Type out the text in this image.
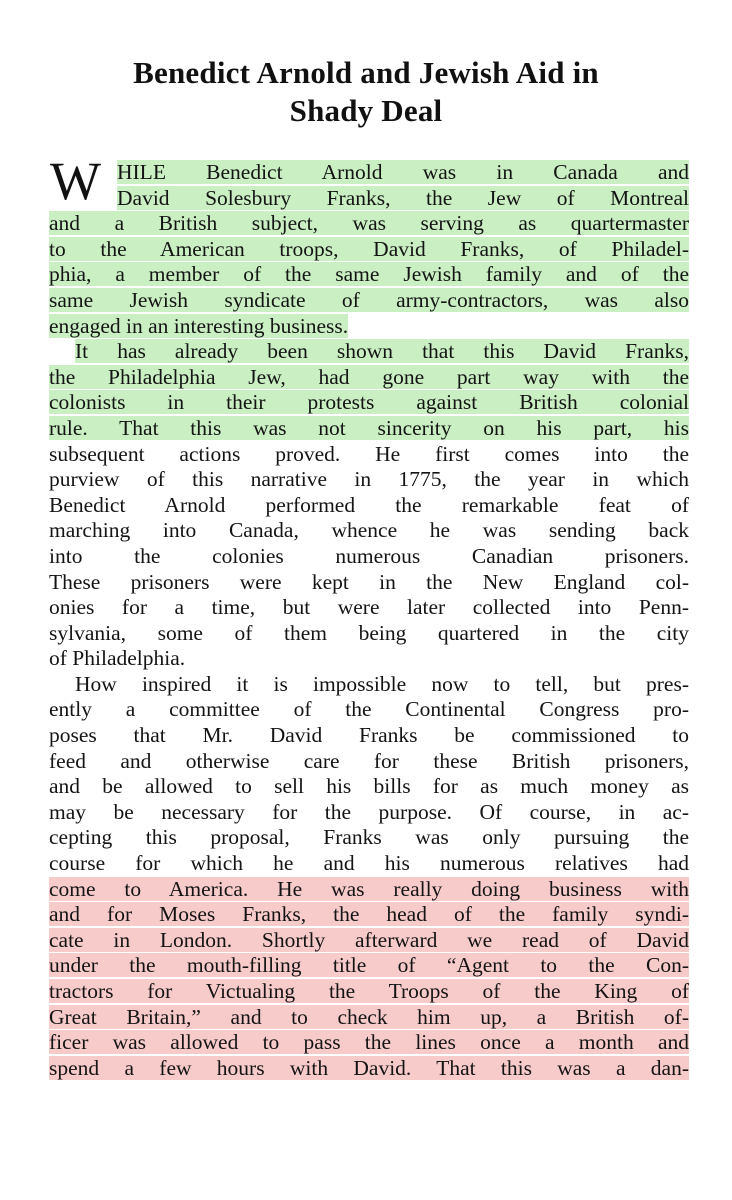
Benedict Arnold and Jewish Aid in
Shady Deal
W HILE Benedict Arnold was in Canada and
David Solesbury Franks, the Jew of Montreal
and a British subject, was serving as quartermaster
to the American troops, David Franks, of Philadel-
phia, a member of the same Jewish family and of the
same Jewish syndicate of army-contractors, was also
engaged in an interesting business.
It has already been shown that this David Franks,
the Philadelphia Jew, had gone part way with the
colonists in their protests against British colonial
rule. That this was not sincerity on his part, his
subsequent actions proved. He first comes into the
purview of this narrative in 1775, the year in which
Benedict Arnold performed the remarkable feat of
marching into Canada, whence he was sending back
into the colonies numerous Canadian prisoners.
These prisoners were kept in the New England col-
onies for a time, but were later collected into Penn-
sylvania, some of them being quartered in the city
of Philadelphia.
How inspired it is impossible now to tell, but pres-
ently a committee of the Continental Congress pro-
poses that Mr. David Franks be commissioned to
feed and otherwise care for these British prisoners,
and be allowed to sell his bills for as much money as
may be necessary for the purpose. Of course, in ac-
cepting this proposal, Franks was only pursuing the
course for which he and his numerous relatives had
come to America. He was really doing business with
and for Moses Franks, the head of the family syndi-
cate in London. Shortly afterward we read of David
under the mouth-filling title of “Agent to the Con-
tractors for Victualing the Troops of the King of
Great Britain,” and to check him up, a British of-
ficer was allowed to pass the lines once a month and
spend a few hours with David. That this was a dan-
